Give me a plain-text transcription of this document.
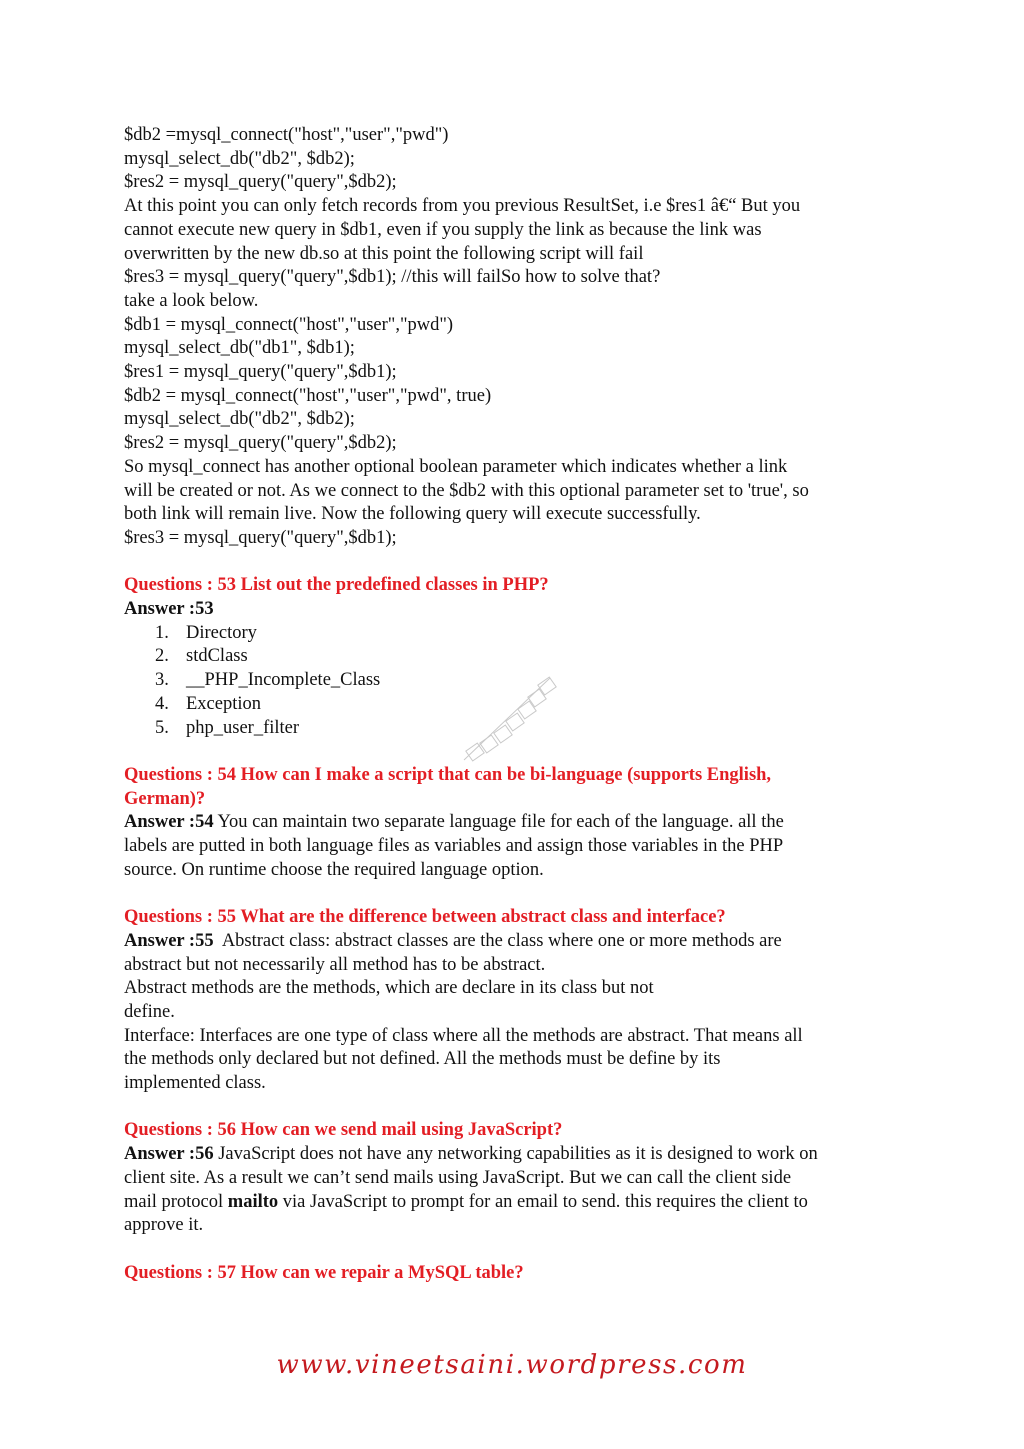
$db2 =mysql_connect("host","user","pwd")
mysql_select_db("db2", $db2);
$res2 = mysql_query("query",$db2);
At this point you can only fetch records from you previous ResultSet, i.e $res1 â€“ But you
cannot execute new query in $db1, even if you supply the link as because the link was
overwritten by the new db.so at this point the following script will fail
$res3 = mysql_query("query",$db1); //this will failSo how to solve that?
take a look below.
$db1 = mysql_connect("host","user","pwd")
mysql_select_db("db1", $db1);
$res1 = mysql_query("query",$db1);
$db2 = mysql_connect("host","user","pwd", true)
mysql_select_db("db2", $db2);
$res2 = mysql_query("query",$db2);
So mysql_connect has another optional boolean parameter which indicates whether a link
will be created or not. As we connect to the $db2 with this optional parameter set to 'true', so
both link will remain live. Now the following query will execute successfully.
$res3 = mysql_query("query",$db1);
Questions : 53 List out the predefined classes in PHP?
Answer :53
1. Directory
2. stdClass
3. __PHP_Incomplete_Class
4. Exception
5. php_user_filter
Questions : 54 How can I make a script that can be bi-language (supports English,
German)?
Answer :54 You can maintain two separate language file for each of the language. all the
labels are putted in both language files as variables and assign those variables in the PHP
source. On runtime choose the required language option.
Questions : 55 What are the difference between abstract class and interface?
Answer :55  Abstract class: abstract classes are the class where one or more methods are
abstract but not necessarily all method has to be abstract.
Abstract methods are the methods, which are declare in its class but not
define.
Interface: Interfaces are one type of class where all the methods are abstract. That means all
the methods only declared but not defined. All the methods must be define by its
implemented class.
Questions : 56 How can we send mail using JavaScript?
Answer :56 JavaScript does not have any networking capabilities as it is designed to work on
client site. As a result we can’t send mails using JavaScript. But we can call the client side
mail protocol mailto via JavaScript to prompt for an email to send. this requires the client to
approve it.
Questions : 57 How can we repair a MySQL table?
www.vineetsaini.wordpress.com
